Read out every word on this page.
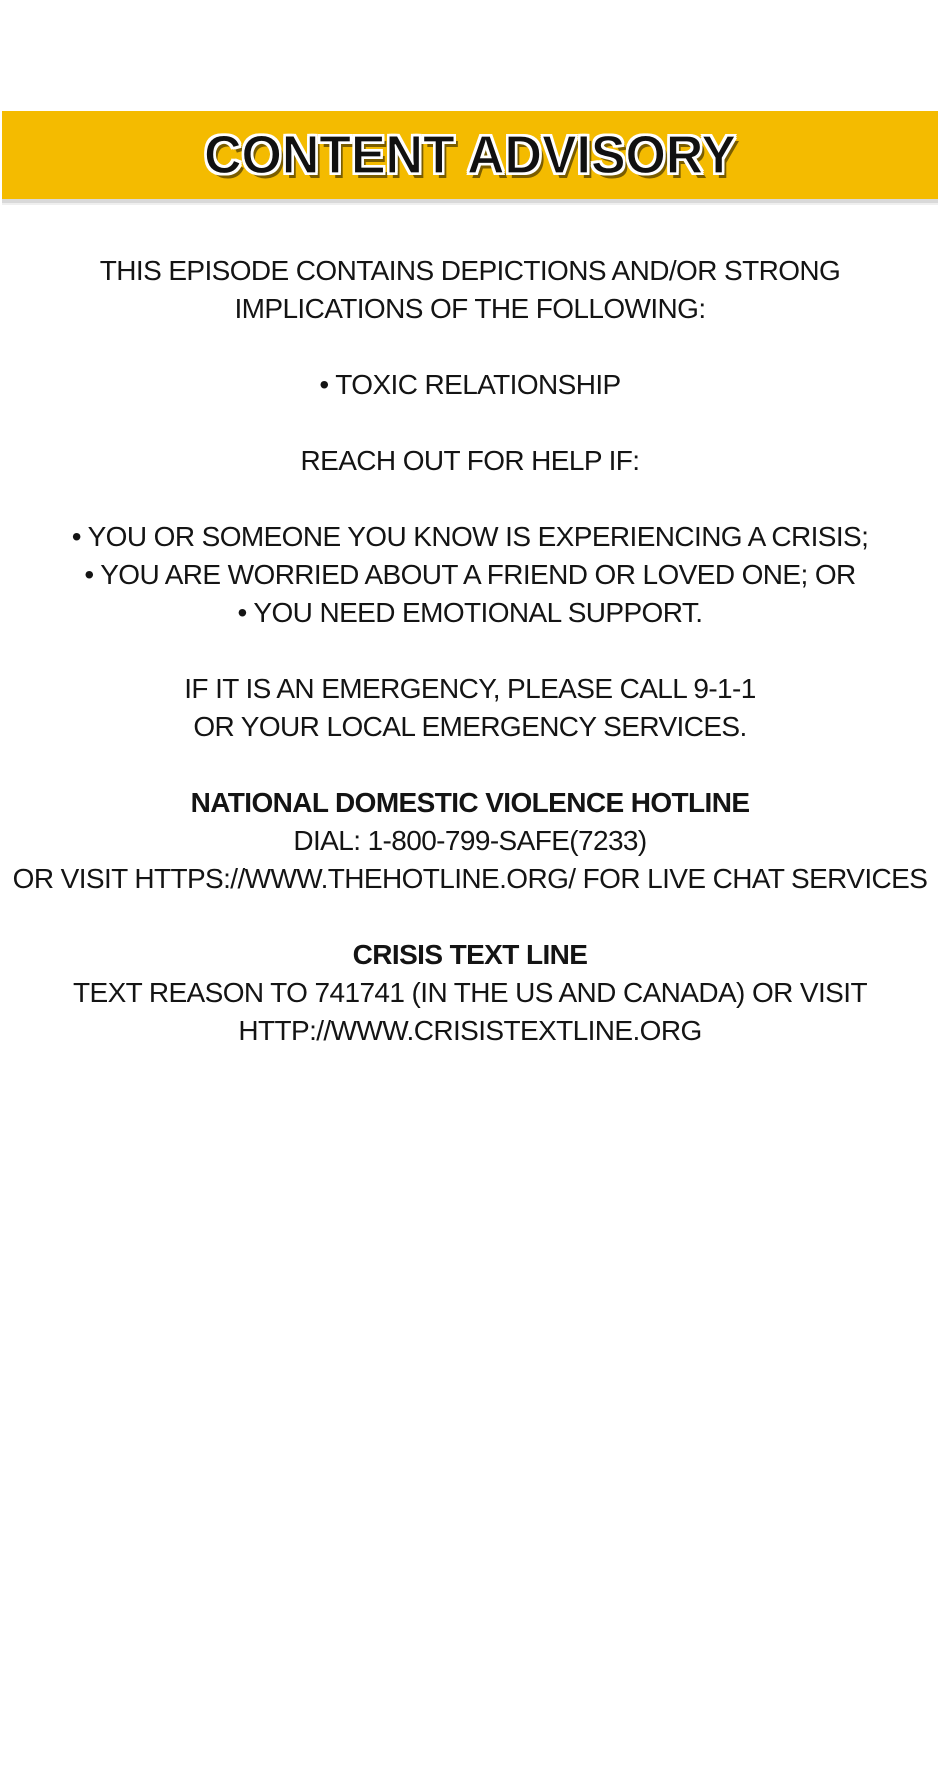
CONTENT ADVISORY
THIS EPISODE CONTAINS DEPICTIONS AND/OR STRONG
IMPLICATIONS OF THE FOLLOWING:
• TOXIC RELATIONSHIP
REACH OUT FOR HELP IF:
• YOU OR SOMEONE YOU KNOW IS EXPERIENCING A CRISIS;
• YOU ARE WORRIED ABOUT A FRIEND OR LOVED ONE; OR
• YOU NEED EMOTIONAL SUPPORT.
IF IT IS AN EMERGENCY, PLEASE CALL 9-1-1
OR YOUR LOCAL EMERGENCY SERVICES.
NATIONAL DOMESTIC VIOLENCE HOTLINE
DIAL: 1-800-799-SAFE(7233)
OR VISIT HTTPS://WWW.THEHOTLINE.ORG/ FOR LIVE CHAT SERVICES
CRISIS TEXT LINE
TEXT REASON TO 741741 (IN THE US AND CANADA) OR VISIT
HTTP://WWW.CRISISTEXTLINE.ORG
